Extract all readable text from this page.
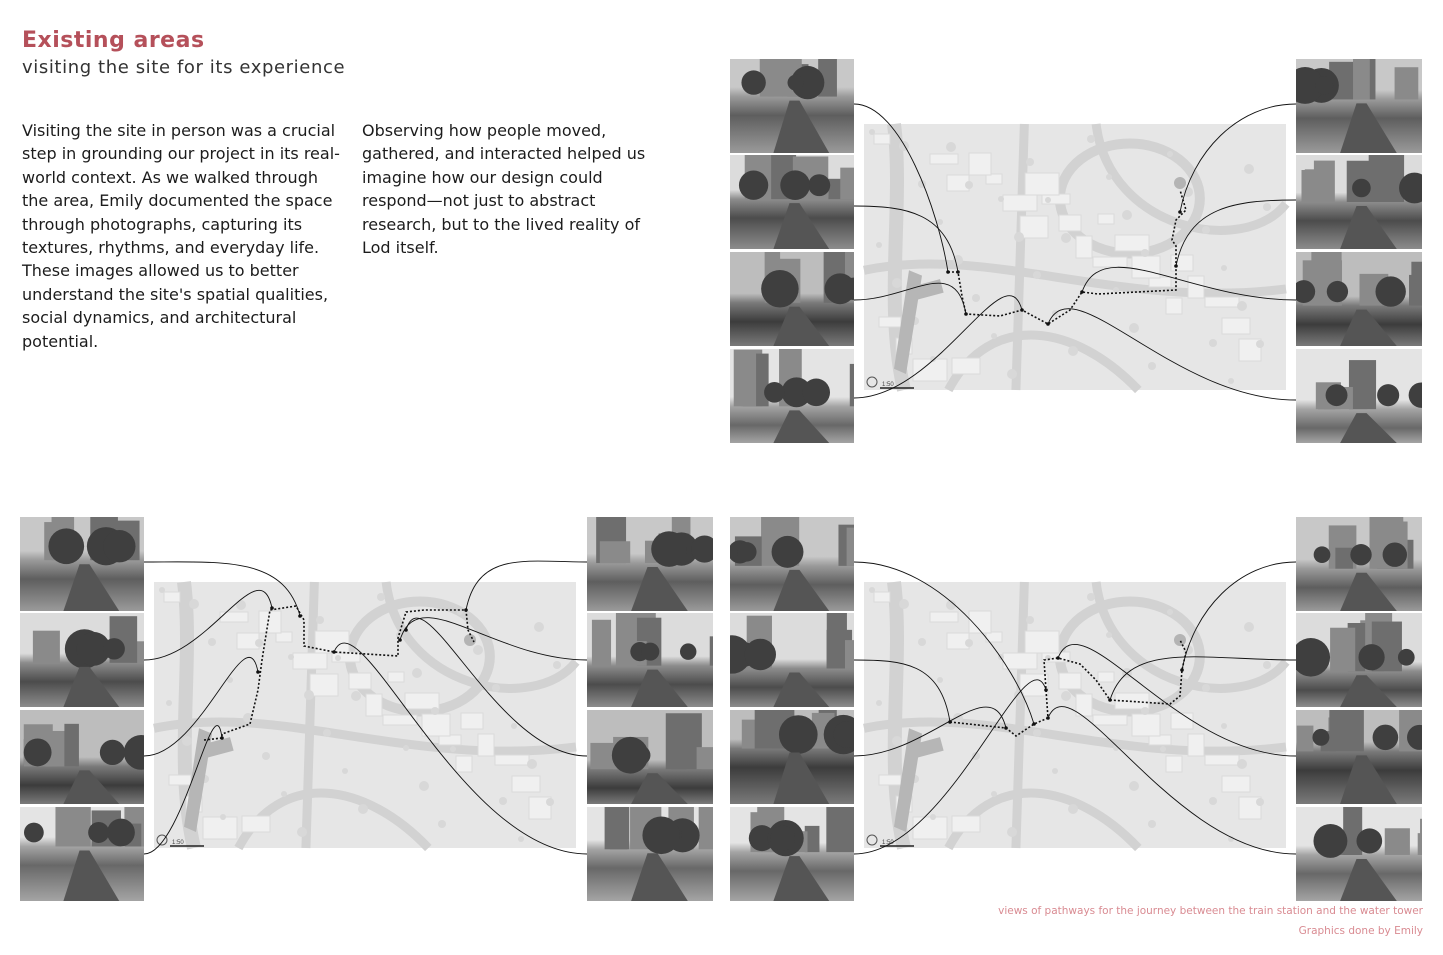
Existing areas
visiting the site for its experience
Visiting the site in person was a crucial step in grounding our project in its real-world context. As we walked through the area, Emily documented the space through photographs, capturing its textures, rhythms, and everyday life. These images allowed us to better understand the site's spatial qualities, social dynamics, and architectural potential.
Observing how people moved, gathered, and interacted helped us imagine how our design could respond—not just to abstract research, but to the lived reality of Lod itself.
1:50
1:50	1:50
views of pathways for the journey between the train station and the water tower
Graphics done by Emily
